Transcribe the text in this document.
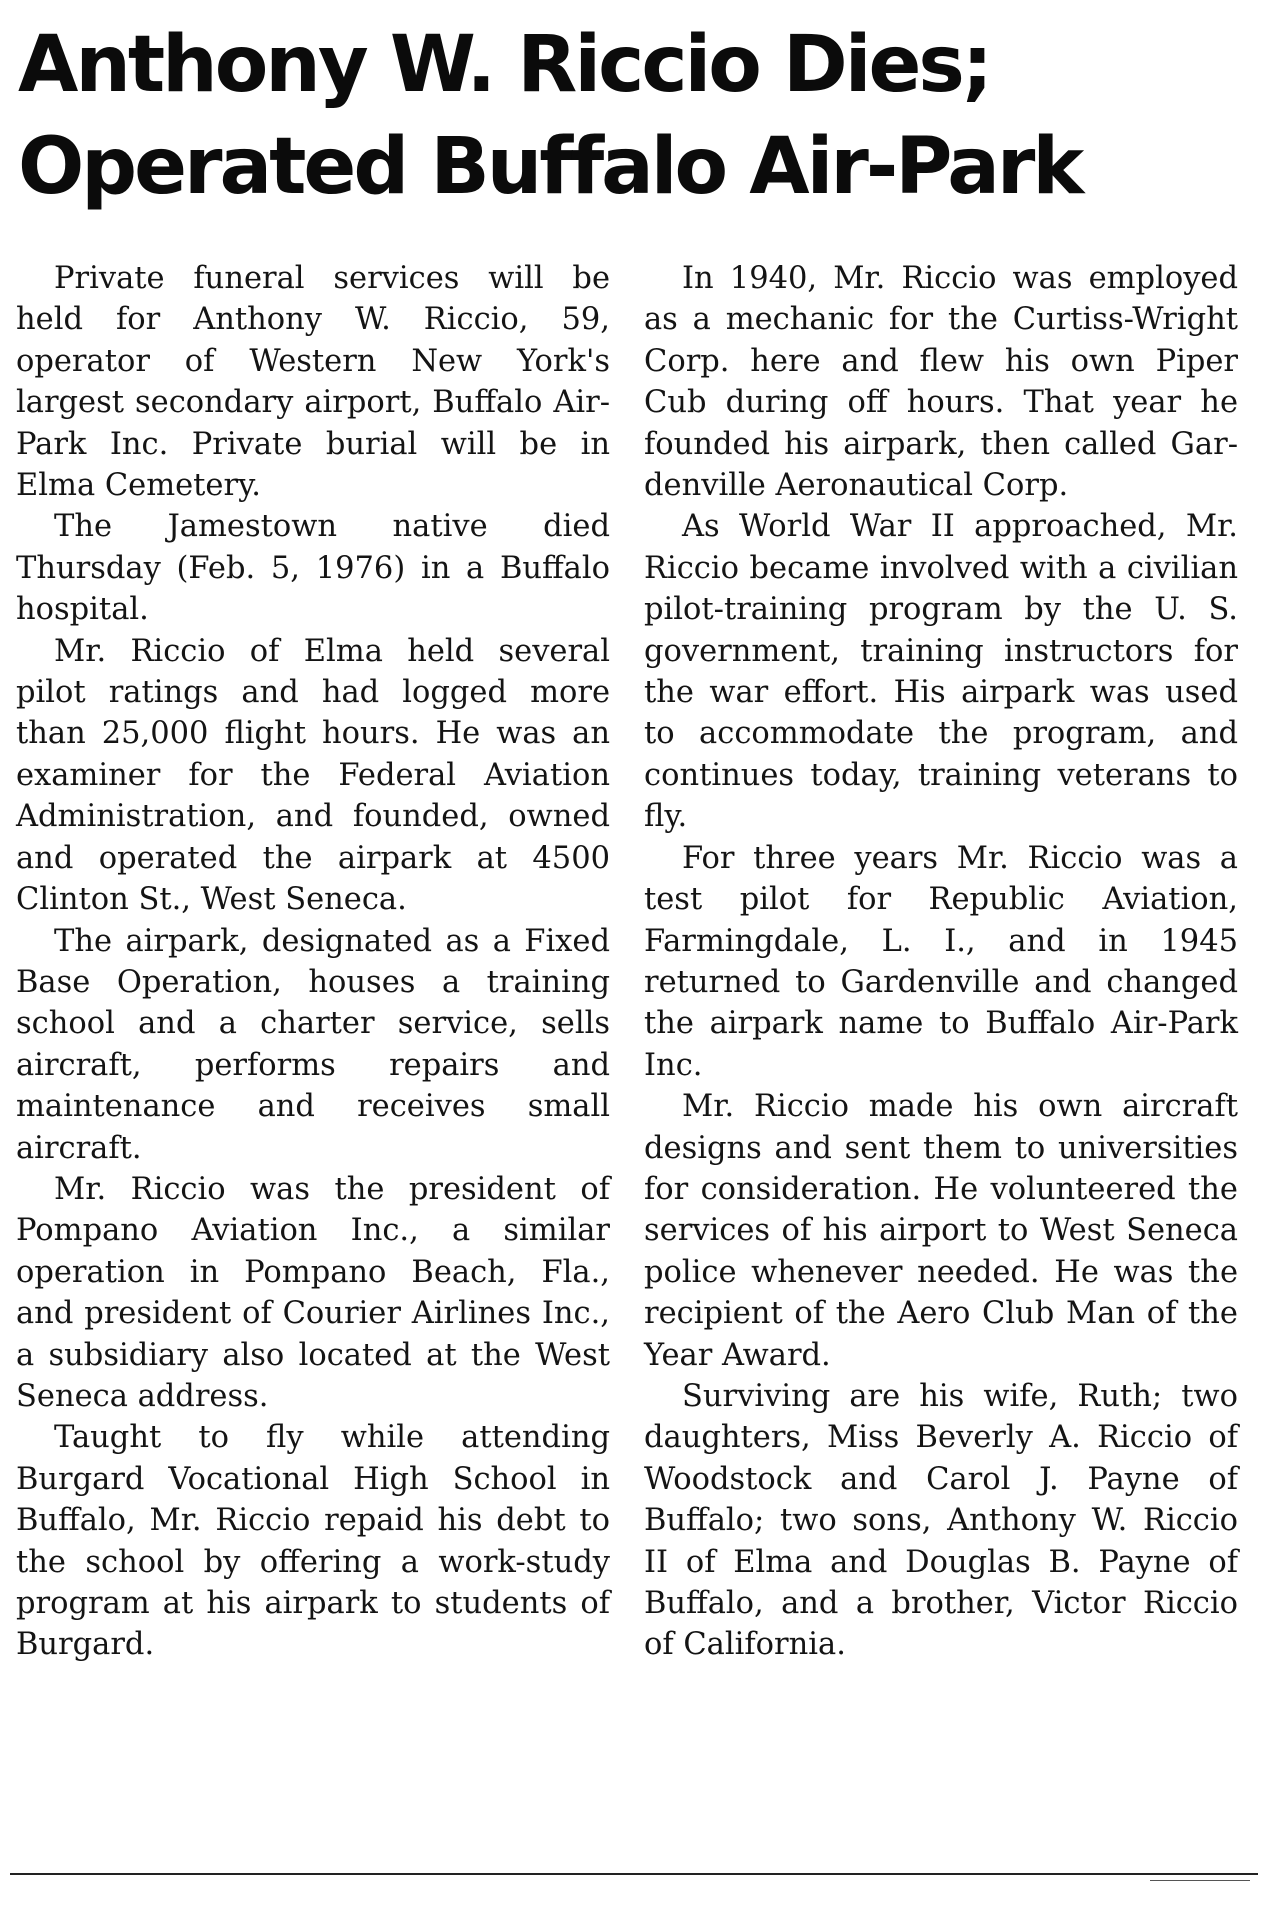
Anthony W. Riccio Dies;
Operated Buffalo Air-Park

Private funeral services will be held for Anthony W. Riccio, 59, operator of Western New York's largest secondary airport, Buffalo Air-Park Inc. Private burial will be in Elma Cemetery.

The Jamestown native died Thursday (Feb. 5, 1976) in a Buffalo hospital.

Mr. Riccio of Elma held several pilot ratings and had logged more than 25,000 flight hours. He was an examiner for the Federal Aviation Administration, and founded, owned and operated the airpark at 4500 Clinton St., West Seneca.

The airpark, designated as a Fixed Base Operation, houses a training school and a charter service, sells aircraft, performs repairs and maintenance and receives small aircraft.

Mr. Riccio was the president of Pompano Aviation Inc., a similar operation in Pompano Beach, Fla., and president of Courier Airlines Inc., a subsidiary also located at the West Seneca address.

Taught to fly while attending Burgard Vocational High School in Buffalo, Mr. Riccio repaid his debt to the school by offering a work-study program at his airpark to students of Burgard.

In 1940, Mr. Riccio was employed as a mechanic for the Curtiss-Wright Corp. here and flew his own Piper Cub during off hours. That year he founded his airpark, then called Gardenville Aeronautical Corp.

As World War II approached, Mr. Riccio became involved with a civilian pilot-training program by the U. S. government, training instructors for the war effort. His airpark was used to accommodate the program, and continues today, training veterans to fly.

For three years Mr. Riccio was a test pilot for Republic Aviation, Farmingdale, L. I., and in 1945 returned to Gardenville and changed the airpark name to Buffalo Air-Park Inc.

Mr. Riccio made his own aircraft designs and sent them to universities for consideration. He volunteered the services of his airport to West Seneca police whenever needed. He was the recipient of the Aero Club Man of the Year Award.

Surviving are his wife, Ruth; two daughters, Miss Beverly A. Riccio of Woodstock and Carol J. Payne of Buffalo; two sons, Anthony W. Riccio II of Elma and Douglas B. Payne of Buffalo, and a brother, Victor Riccio of California.
